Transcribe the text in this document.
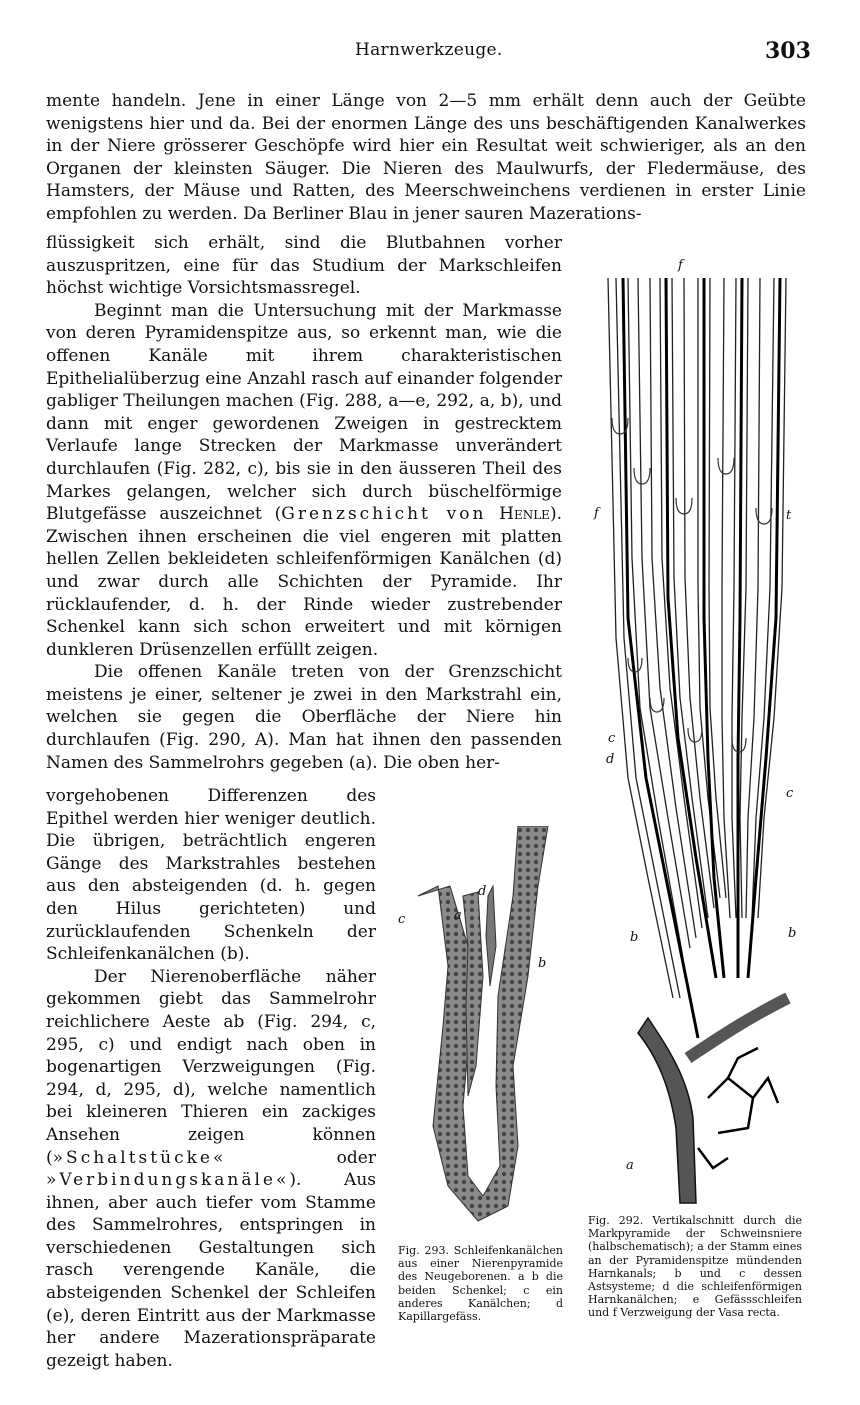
Harnwerkzeuge.	303

mente handeln. Jene in einer Länge von 2—5 mm erhält denn auch der Geübte wenigstens hier und da. Bei der enormen Länge des uns beschäftigenden Kanalwerkes in der Niere grösserer Geschöpfe wird hier ein Resultat weit schwieriger, als an den Organen der kleinsten Säuger. Die Nieren des Maulwurfs, der Fledermäuse, des Hamsters, der Mäuse und Ratten, des Meerschweinchens verdienen in erster Linie empfohlen zu werden. Da Berliner Blau in jener sauren Mazerations-

flüssigkeit sich erhält, sind die Blutbahnen vorher auszuspritzen, eine für das Studium der Markschleifen höchst wichtige Vorsichtsmassregel.

Beginnt man die Untersuchung mit der Markmasse von deren Pyramidenspitze aus, so erkennt man, wie die offenen Kanäle mit ihrem charakteristischen Epithelialüberzug eine Anzahl rasch auf einander folgender gabliger Theilungen machen (Fig. 288, a—e, 292, a, b), und dann mit enger gewordenen Zweigen in gestrecktem Verlaufe lange Strecken der Markmasse unverändert durchlaufen (Fig. 282, c), bis sie in den äusseren Theil des Markes gelangen, welcher sich durch büschelförmige Blutgefässe auszeichnet (Grenzschicht von Henle). Zwischen ihnen erscheinen die viel engeren mit platten hellen Zellen bekleideten schleifenförmigen Kanälchen (d) und zwar durch alle Schichten der Pyramide. Ihr rücklaufender, d. h. der Rinde wieder zustrebender Schenkel kann sich schon erweitert und mit körnigen dunkleren Drüsenzellen erfüllt zeigen.

Die offenen Kanäle treten von der Grenzschicht meistens je einer, seltener je zwei in den Markstrahl ein, welchen sie gegen die Oberfläche der Niere hin durchlaufen (Fig. 290, A). Man hat ihnen den passenden Namen des Sammelrohrs gegeben (a). Die oben her-

vorgehobenen Differenzen des Epithel werden hier weniger deutlich. Die übrigen, beträchtlich engeren Gänge des Markstrahles bestehen aus den absteigenden (d. h. gegen den Hilus gerichteten) und zurücklaufenden Schenkeln der Schleifenkanälchen (b).

Der Nierenoberfläche näher gekommen giebt das Sammelrohr reichlichere Aeste ab (Fig. 294, c, 295, c) und endigt nach oben in bogenartigen Verzweigungen (Fig. 294, d, 295, d), welche namentlich bei kleineren Thieren ein zackiges Ansehen zeigen können (»Schaltstücke« oder »Verbindungskanäle«). Aus ihnen, aber auch tiefer vom Stamme des Sammelrohres, entspringen in verschiedenen Gestaltungen sich rasch verengende Kanäle, die absteigenden Schenkel der Schleifen (e), deren Eintritt aus der Markmasse her andere Mazerationspräparate gezeigt haben.

f
f	t
c
d
c
b	b
a
Fig. 292. Vertikalschnitt durch die Markpyramide der Schweinsniere (halbschematisch); a der Stamm eines an der Pyramidenspitze mündenden Harnkanals; b und c dessen Astsysteme; d die schleifenförmigen Harnkanälchen; e Gefässschleifen und f Verzweigung der Vasa recta.
c	a
d
b
Fig. 293. Schleifenkanälchen aus einer Nierenpyramide des Neugeborenen. a b die beiden Schenkel; c ein anderes Kanälchen; d Kapillargefäss.
